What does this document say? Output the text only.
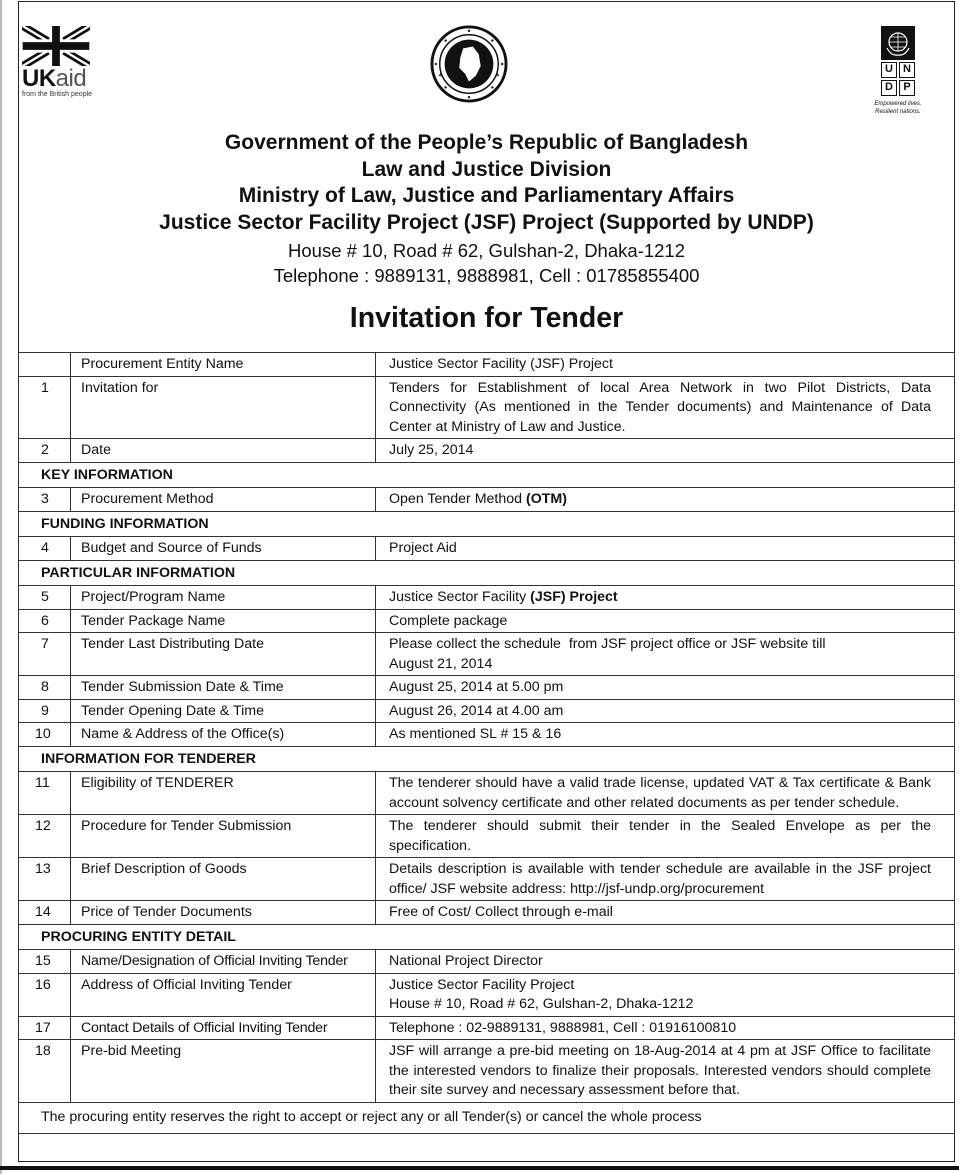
UKaid
from the British people
U N
D P
Empowered lives.
Resilient nations.
Government of the People’s Republic of Bangladesh
Law and Justice Division
Ministry of Law, Justice and Parliamentary Affairs
Justice Sector Facility Project (JSF) Project (Supported by UNDP)
House # 10, Road # 62, Gulshan-2, Dhaka-1212
Telephone : 9889131, 9888981, Cell : 01785855400
Invitation for Tender
	Procurement Entity Name	Justice Sector Facility (JSF) Project
1	Invitation for	Tenders for Establishment of local Area Network in two Pilot Districts, Data Connectivity (As mentioned in the Tender documents) and Maintenance of Data Center at Ministry of Law and Justice.
2	Date	July 25, 2014
KEY INFORMATION		
3	Procurement Method	Open Tender Method (OTM)
FUNDING INFORMATION		
4	Budget and Source of Funds	Project Aid
PARTICULAR INFORMATION		
5	Project/Program Name	Justice Sector Facility (JSF) Project
6	Tender Package Name	Complete package
7	Tender Last Distributing Date	Please collect the schedule  from JSF project office or JSF website till
August 21, 2014

8	Tender Submission Date & Time	August 25, 2014 at 5.00 pm
9	Tender Opening Date & Time	August 26, 2014 at 4.00 am
10	Name & Address of the Office(s)	As mentioned SL # 15 & 16
INFORMATION FOR TENDERER		
11	Eligibility of TENDERER	The tenderer should have a valid trade license, updated VAT & Tax certificate & Bank account solvency certificate and other related documents as per tender schedule.
12	Procedure for Tender Submission	The tenderer should submit their tender in the Sealed Envelope as per the specification.
13	Brief Description of Goods	Details description is available with tender schedule are available in the JSF project office/ JSF website address: http://jsf-undp.org/procurement
14	Price of Tender Documents	Free of Cost/ Collect through e-mail
PROCURING ENTITY DETAIL		
15	Name/Designation of Official Inviting Tender	National Project Director
16	Address of Official Inviting Tender	Justice Sector Facility Project
House # 10, Road # 62, Gulshan-2, Dhaka-1212

17	Contact Details of Official Inviting Tender	Telephone : 02-9889131, 9888981, Cell : 01916100810
18	Pre-bid Meeting	JSF will arrange a pre-bid meeting on 18-Aug-2014 at 4 pm at JSF Office to facilitate the interested vendors to finalize their proposals. Interested vendors should complete their site survey and necessary assessment before that.
The procuring entity reserves the right to accept or reject any or all Tender(s) or cancel the whole process		
